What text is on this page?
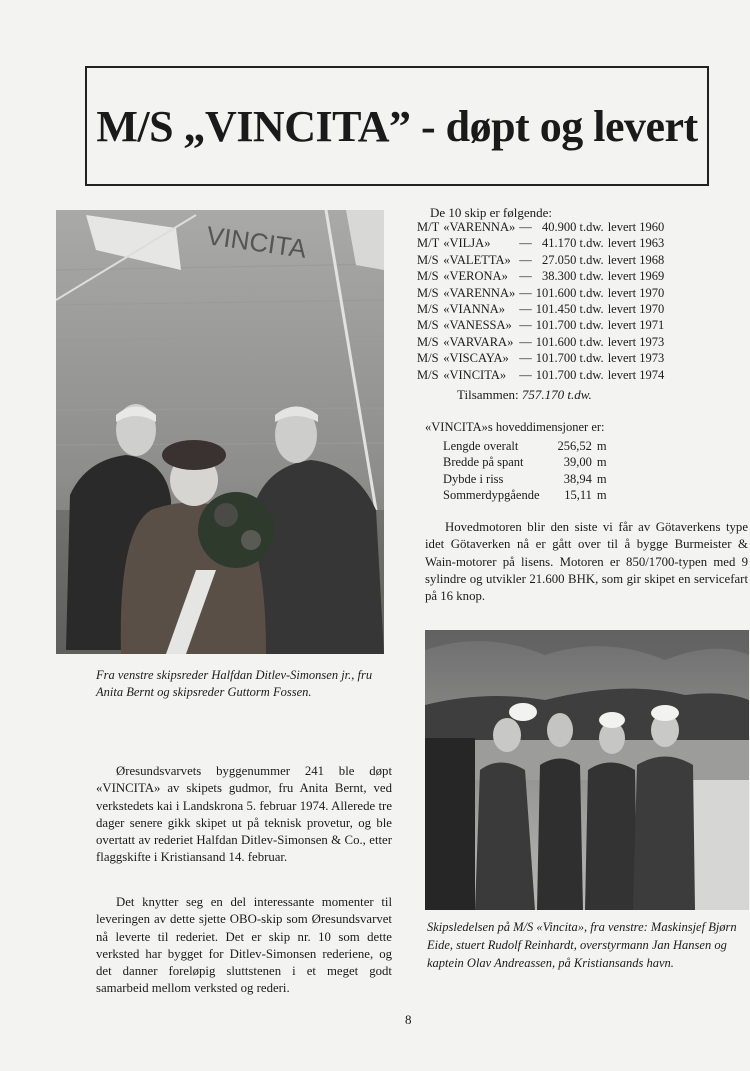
M/S „VINCITA” - døpt og levert
VINCITA
Fra venstre skipsreder Halfdan Ditlev-Simonsen jr., fru Anita Bernt og skipsreder Guttorm Fossen.
De 10 skip er følgende:
M/T	«VARENNA»	—	40.900 t.dw.	levert 1960
M/T	«VILJA»	—	41.170 t.dw.	levert 1963
M/S	«VALETTA»	—	27.050 t.dw.	levert 1968
M/S	«VERONA»	—	38.300 t.dw.	levert 1969
M/S	«VARENNA»	—	101.600 t.dw.	levert 1970
M/S	«VIANNA»	—	101.450 t.dw.	levert 1970
M/S	«VANESSA»	—	101.700 t.dw.	levert 1971
M/S	«VARVARA»	—	101.600 t.dw.	levert 1973
M/S	«VISCAYA»	—	101.700 t.dw.	levert 1973
M/S	«VINCITA»	—	101.700 t.dw.	levert 1974
Tilsammen: 757.170 t.dw.
«VINCITA»s hoveddimensjoner er:
Lengde overalt	256,52	m
Bredde på spant	39,00	m
Dybde i riss	38,94	m
Sommerdypgående	15,11	m

Hovedmotoren blir den siste vi får av Götaverkens type idet Götaverken nå er gått over til å bygge Burmeister & Wain-motorer på lisens. Motoren er 850/1700-typen med 9 sylindre og utvikler 21.600 BHK, som gir skipet en servicefart på 16 knop.

Øresundsvarvets byggenummer 241 ble døpt «VINCITA» av skipets gudmor, fru Anita Bernt, ved verkstedets kai i Landskrona 5. februar 1974. Allerede tre dager senere gikk skipet ut på teknisk provetur, og ble overtatt av rederiet Halfdan Ditlev-Simonsen & Co., etter flaggskifte i Kristiansand 14. februar.

Det knytter seg en del interessante momenter til leveringen av dette sjette OBO-skip som Øresundsvarvet nå leverte til rederiet. Det er skip nr. 10 som dette verksted har bygget for Ditlev-Simonsen rederiene, og det danner foreløpig sluttstenen i et meget godt samarbeid mellom verksted og rederi.

Skipsledelsen på M/S «Vincita», fra venstre: Maskinsjef Bjørn Eide, stuert Rudolf Reinhardt, overstyrmann Jan Hansen og kaptein Olav Andreassen, på Kristiansands havn.
8
